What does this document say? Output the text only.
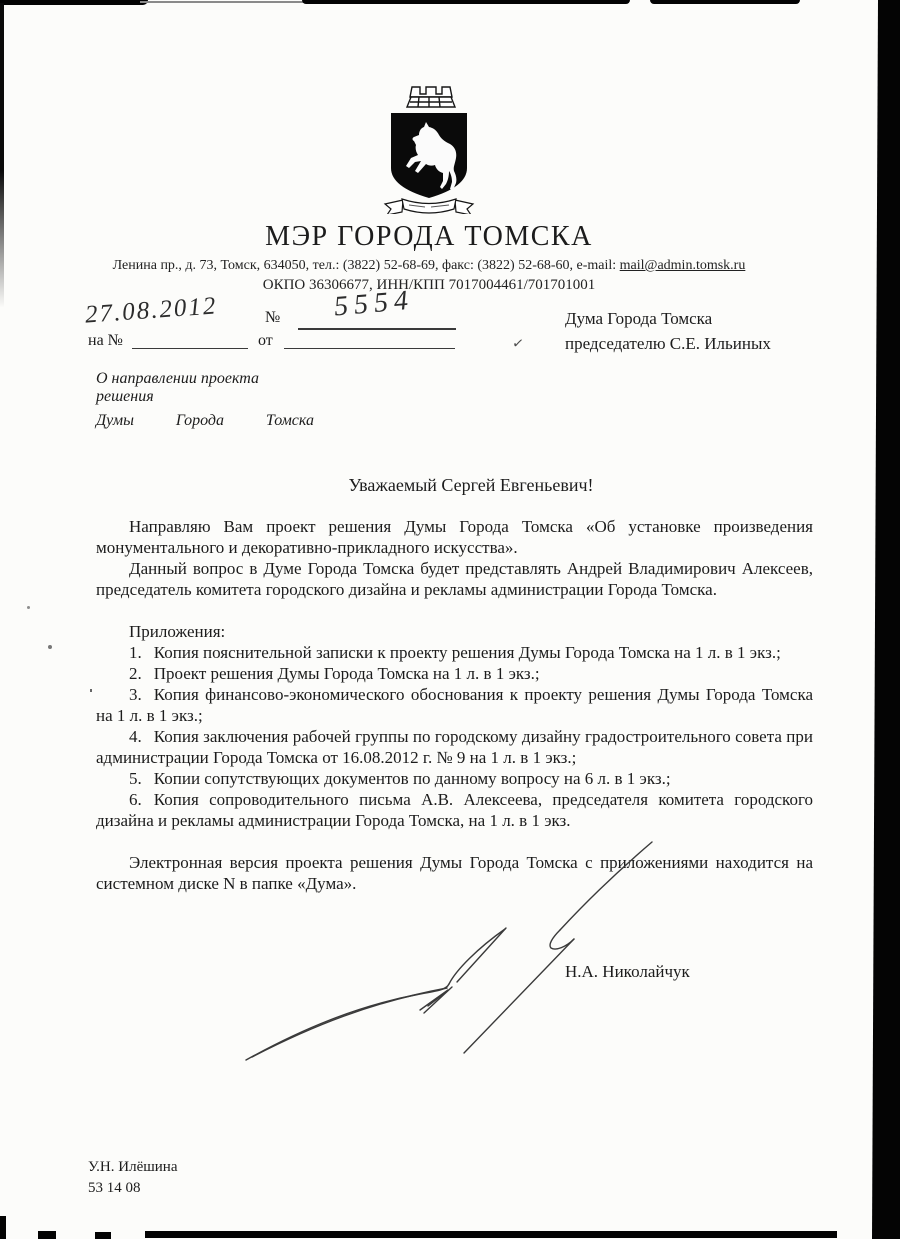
МЭР ГОРОДА ТОМСКА
Ленина пр., д. 73, Томск, 634050, тел.: (3822) 52-68-69, факс: (3822) 52-68-60, e-mail: mail@admin.tomsk.ru
ОКПО 36306677, ИНН/КПП 7017004461/701701001
27.08.2012	№ 5554
на №	от	✓
Дума Города Томска
председателю С.Е. Ильиных
О направлении проекта решения
Думы	Города	Томска

Уважаемый Сергей Евгеньевич!

Направляю Вам проект решения Думы Города Томска «Об установке произведения монументального и декоративно-прикладного искусства».

Данный вопрос в Думе Города Томска будет представлять Андрей Владимирович Алексеев, председатель комитета городского дизайна и рекламы администрации Города Томска.

Приложения:

1. Копия пояснительной записки к проекту решения Думы Города Томска на 1 л. в 1 экз.;

2. Проект решения Думы Города Томска на 1 л. в 1 экз.;

3. Копия финансово-экономического обоснования к проекту решения Думы Города Томска на 1 л. в 1 экз.;

4. Копия заключения рабочей группы по городскому дизайну градостроительного совета при администрации Города Томска от 16.08.2012 г. № 9 на 1 л. в 1 экз.;

5. Копии сопутствующих документов по данному вопросу на 6 л. в 1 экз.;

6. Копия сопроводительного письма А.В. Алексеева, председателя комитета городского дизайна и рекламы администрации Города Томска, на 1 л. в 1 экз.

Электронная версия проекта решения Думы Города Томска с приложениями находится на системном диске N в папке «Дума».

Н.А. Николайчук
У.Н. Илёшина
53 14 08
